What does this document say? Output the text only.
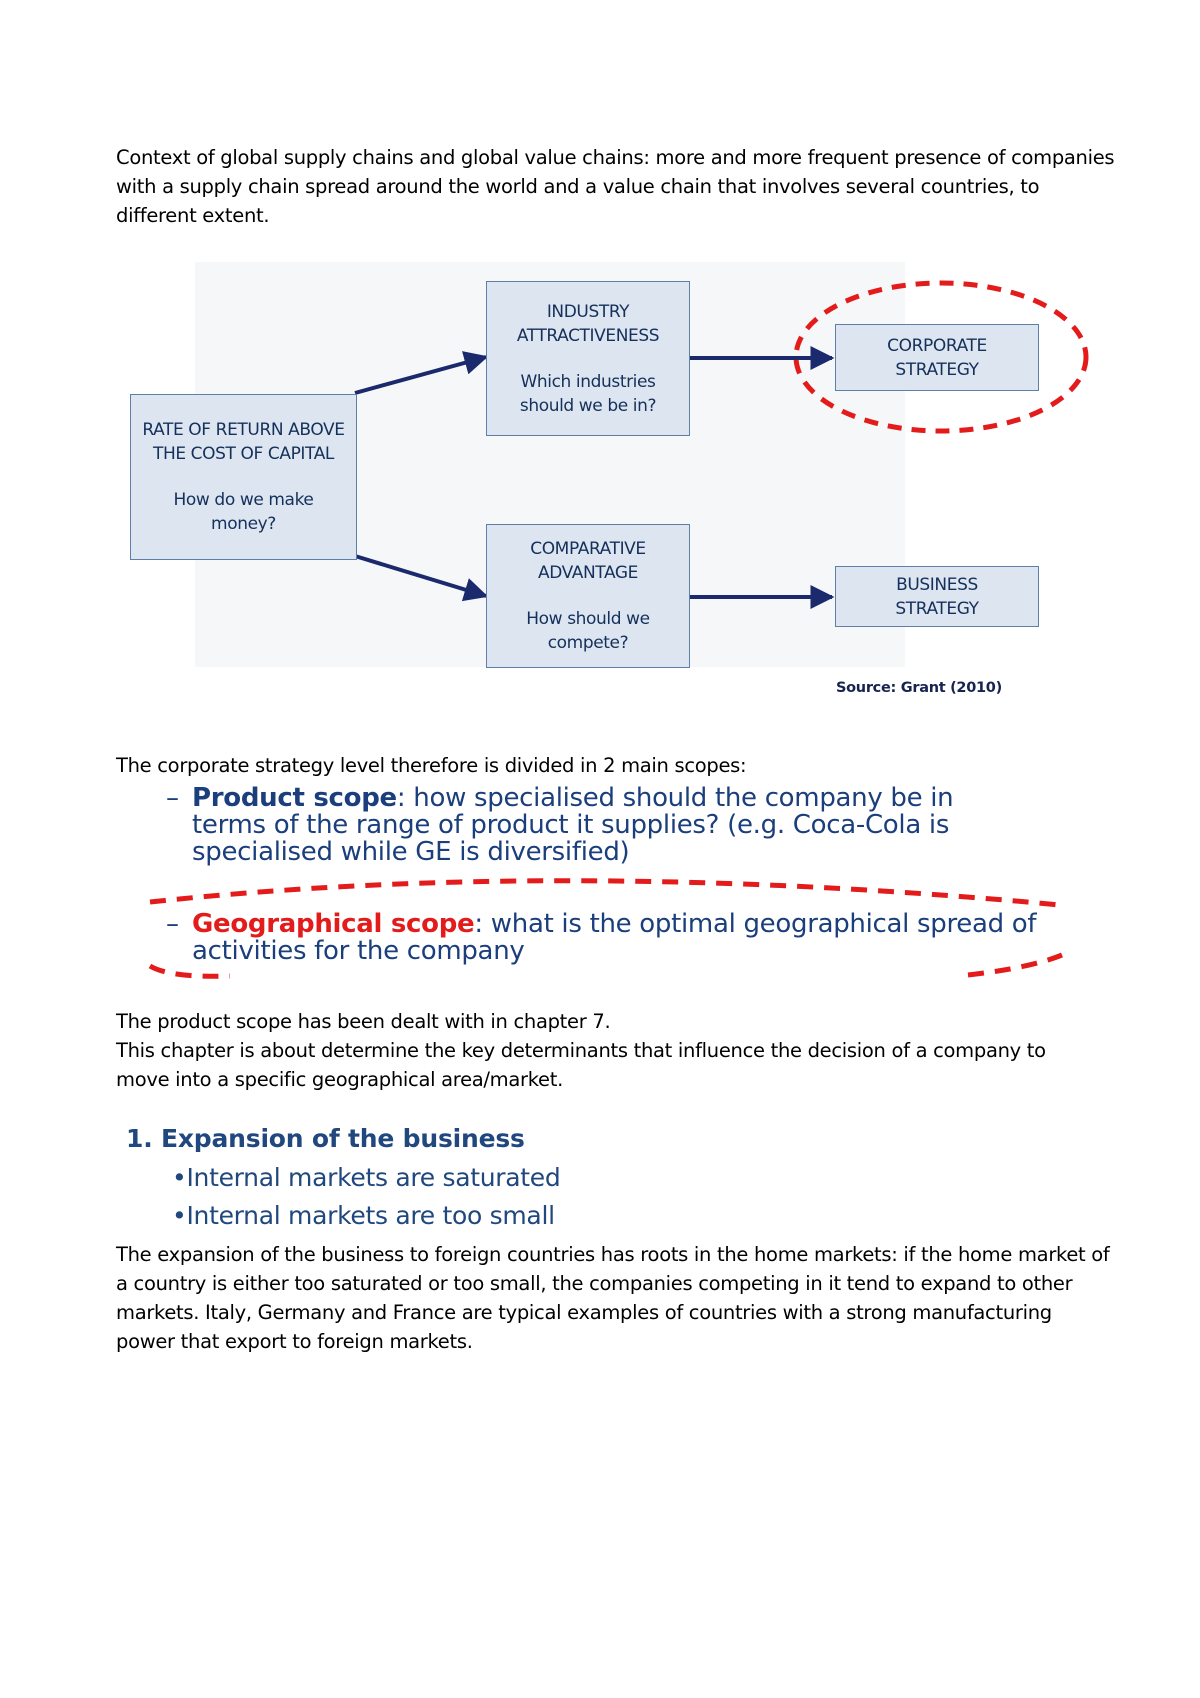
Context of global supply chains and global value chains: more and more frequent presence of companies with a supply chain spread around the world and a value chain that involves several countries, to different extent.

RATE OF RETURN ABOVE
THE COST OF CAPITAL
How do we make
money?
INDUSTRY
ATTRACTIVENESS
Which industries
should we be in?
COMPARATIVE
ADVANTAGE
How should we
compete?
CORPORATE
STRATEGY
BUSINESS
STRATEGY
Source: Grant (2010)

The corporate strategy level therefore is divided in 2 main scopes:

– Product scope: how specialised should the company be in
terms of the range of product it supplies? (e.g. Coca-Cola is
specialised while GE is diversified)
– Geographical scope: what is the optimal geographical spread of
activities for the company

The product scope has been dealt with in chapter 7.

This chapter is about determine the key determinants that influence the decision of a company to

move into a specific geographical area/market.

1. Expansion of the business
•Internal markets are saturated
•Internal markets are too small

The expansion of the business to foreign countries has roots in the home markets: if the home market of a country is either too saturated or too small, the companies competing in it tend to expand to other markets. Italy, Germany and France are typical examples of countries with a strong manufacturing power that export to foreign markets.
